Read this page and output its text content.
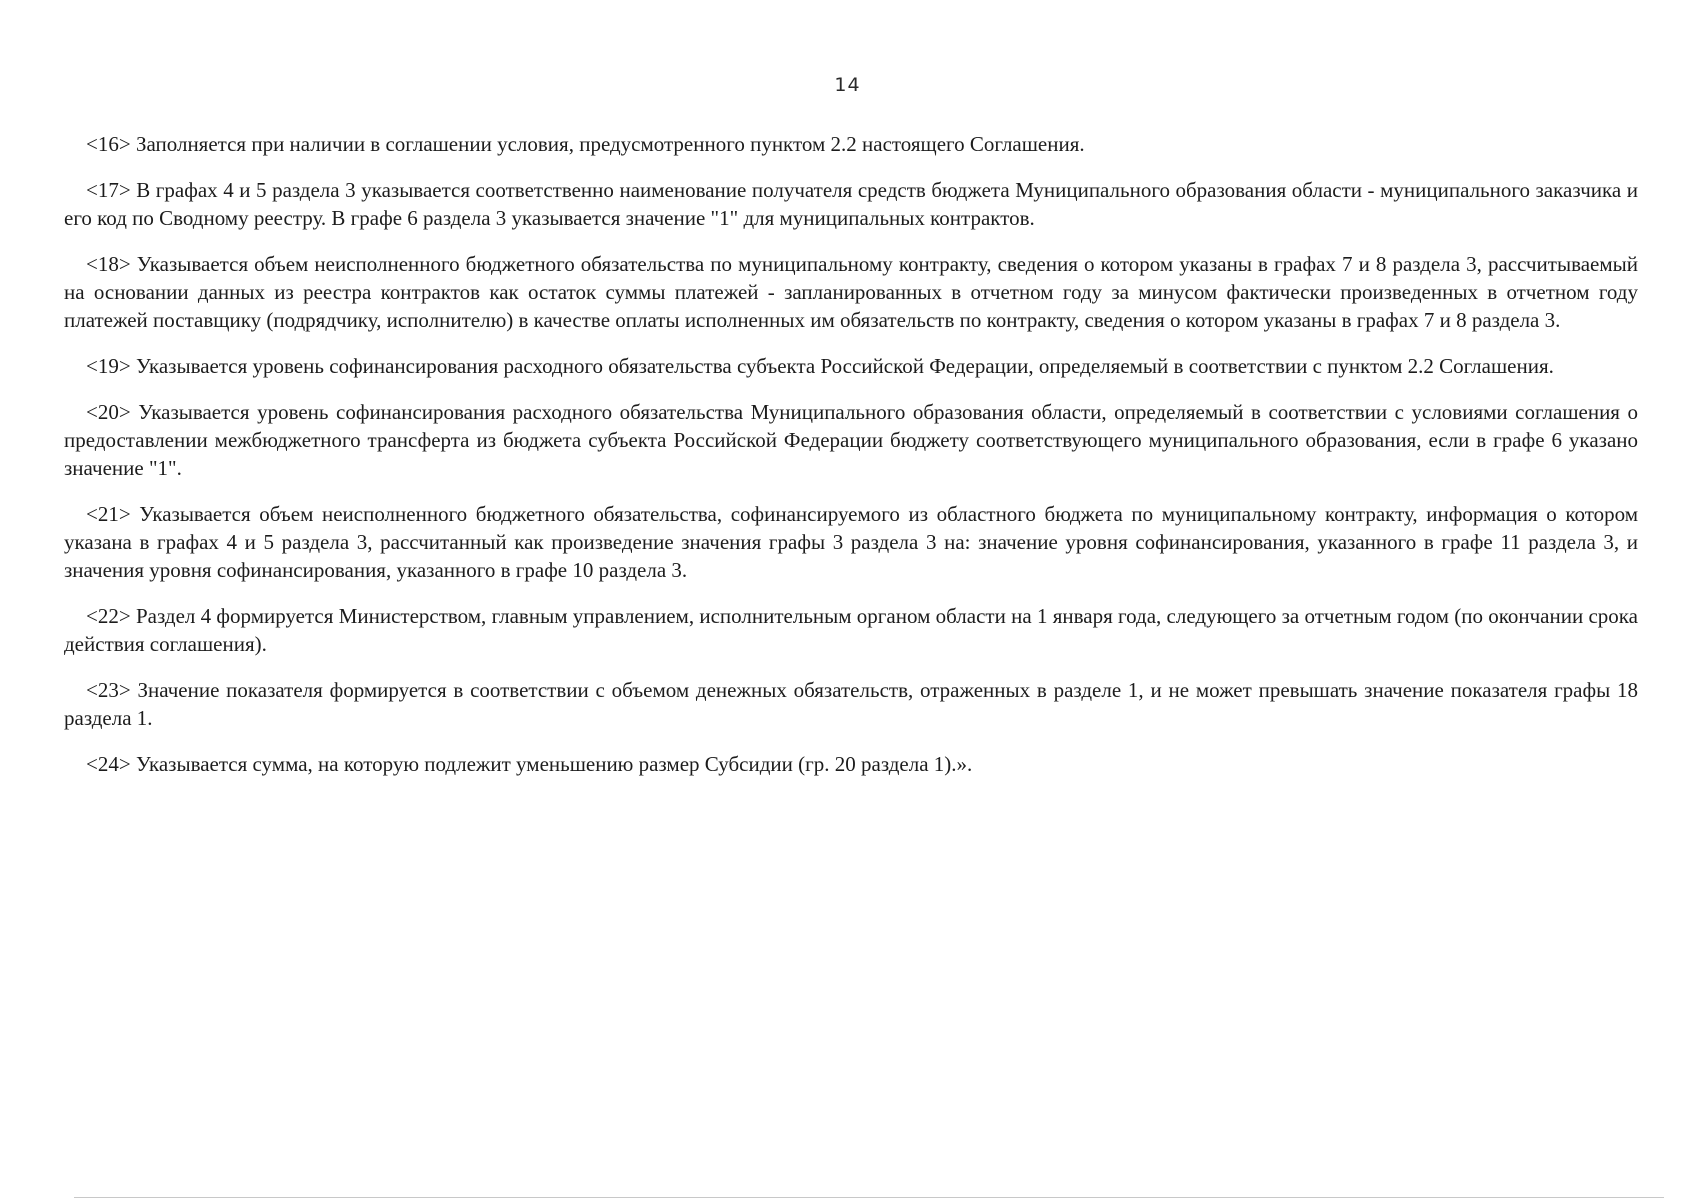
14

<16> Заполняется при наличии в соглашении условия, предусмотренного пунктом 2.2 настоящего Соглашения.

<17> В графах 4 и 5 раздела 3 указывается соответственно наименование получателя средств бюджета Муниципального образования области - муниципального заказчика и его код по Сводному реестру. В графе 6 раздела 3 указывается значение "1" для муниципальных контрактов.

<18> Указывается объем неисполненного бюджетного обязательства по муниципальному контракту, сведения о котором указаны в графах 7 и 8 раздела 3, рассчитываемый на основании данных из реестра контрактов как остаток суммы платежей - запланированных в отчетном году за минусом фактически произведенных в отчетном году платежей поставщику (подрядчику, исполнителю) в качестве оплаты исполненных им обязательств по контракту, сведения о котором указаны в графах 7 и 8 раздела 3.

<19> Указывается уровень софинансирования расходного обязательства субъекта Российской Федерации, определяемый в соответствии с пунктом 2.2 Соглашения.

<20> Указывается уровень софинансирования расходного обязательства Муниципального образования области, определяемый в соответствии с условиями соглашения о предоставлении межбюджетного трансферта из бюджета субъекта Российской Федерации бюджету соответствующего муниципального образования, если в графе 6 указано значение "1".

<21> Указывается объем неисполненного бюджетного обязательства, софинансируемого из областного бюджета по муниципальному контракту, информация о котором указана в графах 4 и 5 раздела 3, рассчитанный как произведение значения графы 3 раздела 3 на: значение уровня софинансирования, указанного в графе 11 раздела 3, и значения уровня софинансирования, указанного в графе 10 раздела 3.

<22> Раздел 4 формируется Министерством, главным управлением, исполнительным органом области на 1 января года, следующего за отчетным годом (по окончании срока действия соглашения).

<23> Значение показателя формируется в соответствии с объемом денежных обязательств, отраженных в разделе 1, и не может превышать значение показателя графы 18 раздела 1.

<24> Указывается сумма, на которую подлежит уменьшению размер Субсидии (гр. 20 раздела 1).».
